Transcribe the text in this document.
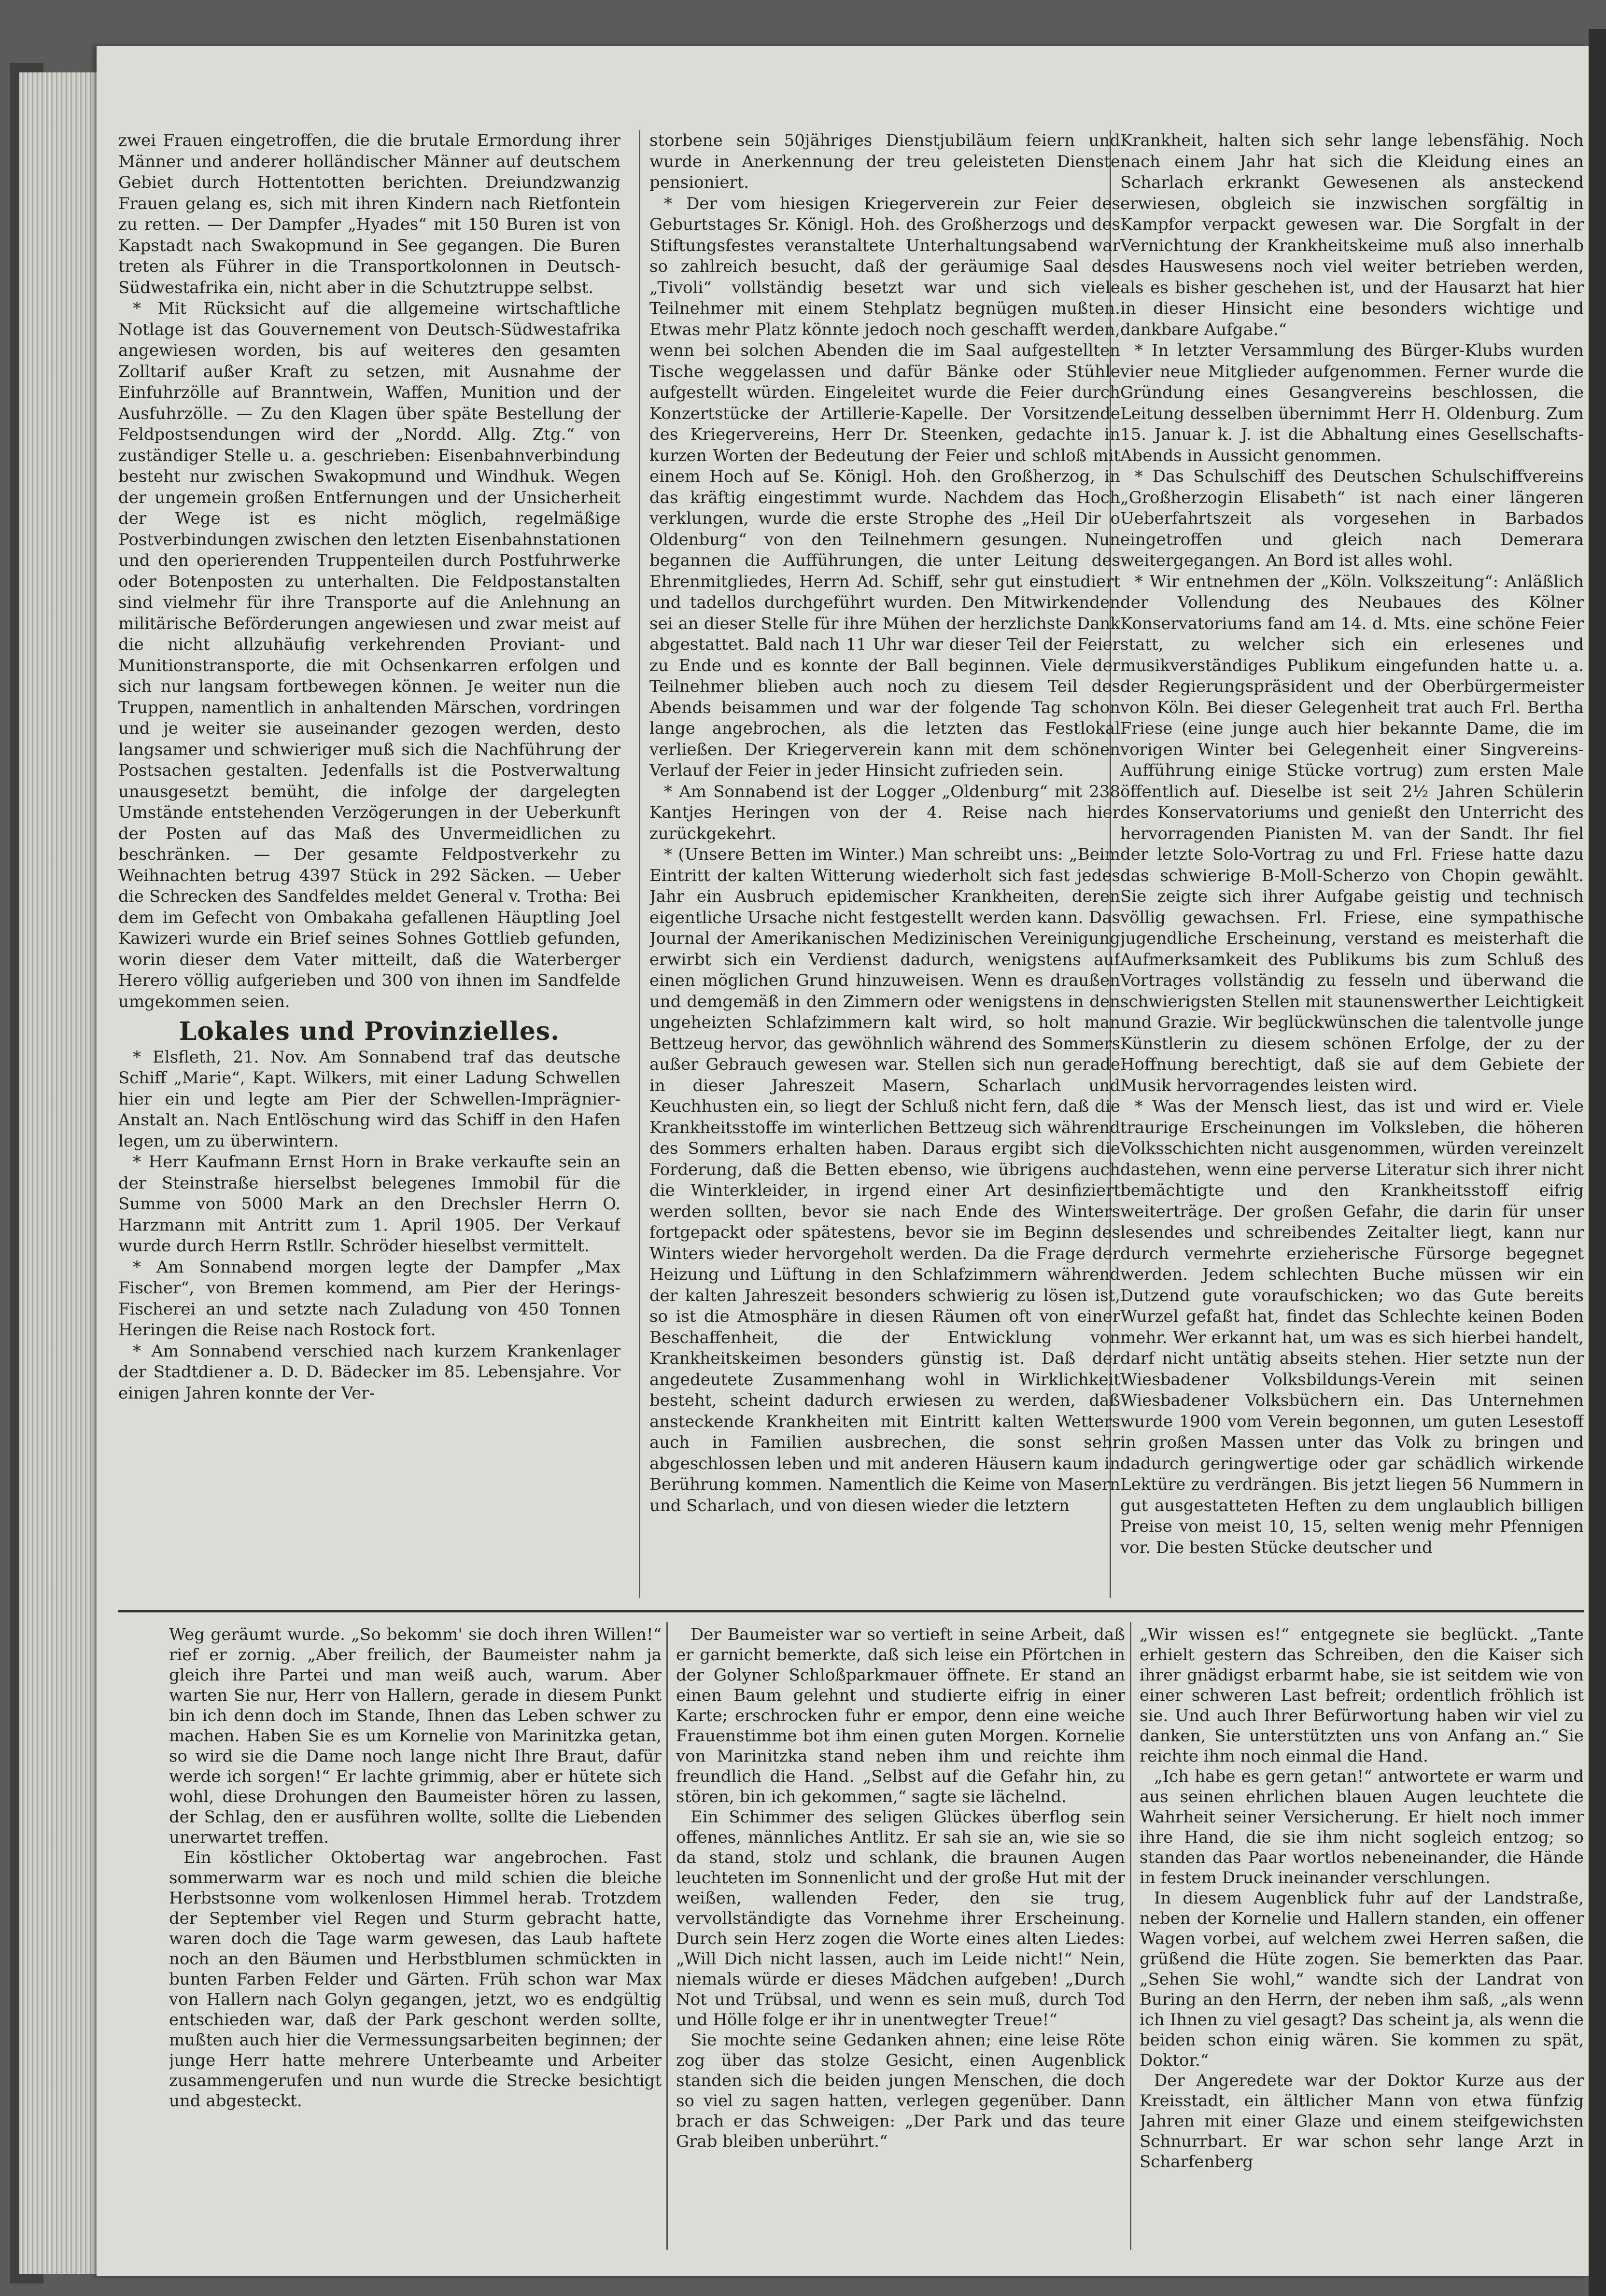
zwei Frauen eingetroffen, die die brutale Ermordung ihrer Männer und anderer holländischer Männer auf deutschem Gebiet durch Hottentotten berichten. Dreiundzwanzig Frauen gelang es, sich mit ihren Kindern nach Rietfontein zu retten. — Der Dampfer „Hyades“ mit 150 Buren ist von Kapstadt nach Swakopmund in See gegangen. Die Buren treten als Führer in die Transportkolonnen in Deutsch-Südwestafrika ein, nicht aber in die Schutztruppe selbst.

* Mit Rücksicht auf die allgemeine wirtschaftliche Notlage ist das Gouvernement von Deutsch-Südwestafrika angewiesen worden, bis auf weiteres den gesamten Zolltarif außer Kraft zu setzen, mit Ausnahme der Einfuhrzölle auf Branntwein, Waffen, Munition und der Ausfuhrzölle. — Zu den Klagen über späte Bestellung der Feldpostsendungen wird der „Nordd. Allg. Ztg.“ von zuständiger Stelle u. a. geschrieben: Eisenbahnverbindung besteht nur zwischen Swakopmund und Windhuk. Wegen der ungemein großen Entfernungen und der Unsicherheit der Wege ist es nicht möglich, regelmäßige Postverbindungen zwischen den letzten Eisenbahnstationen und den operierenden Truppenteilen durch Postfuhrwerke oder Botenposten zu unterhalten. Die Feldpostanstalten sind vielmehr für ihre Transporte auf die Anlehnung an militärische Beförderungen angewiesen und zwar meist auf die nicht allzuhäufig verkehrenden Proviant- und Munitionstransporte, die mit Ochsenkarren erfolgen und sich nur langsam fortbewegen können. Je weiter nun die Truppen, namentlich in anhaltenden Märschen, vordringen und je weiter sie auseinander gezogen werden, desto langsamer und schwieriger muß sich die Nachführung der Postsachen gestalten. Jedenfalls ist die Postverwaltung unausgesetzt bemüht, die infolge der dargelegten Umstände entstehenden Verzögerungen in der Ueberkunft der Posten auf das Maß des Unvermeidlichen zu beschränken. — Der gesamte Feldpostverkehr zu Weihnachten betrug 4397 Stück in 292 Säcken. — Ueber die Schrecken des Sandfeldes meldet General v. Trotha: Bei dem im Gefecht von Ombakaha gefallenen Häuptling Joel Kawizeri wurde ein Brief seines Sohnes Gottlieb gefunden, worin dieser dem Vater mitteilt, daß die Waterberger Herero völlig aufgerieben und 300 von ihnen im Sandfelde umgekommen seien.

Lokales und Provinzielles.

* Elsfleth, 21. Nov. Am Sonnabend traf das deutsche Schiff „Marie“, Kapt. Wilkers, mit einer Ladung Schwellen hier ein und legte am Pier der Schwellen-Imprägnier-Anstalt an. Nach Entlöschung wird das Schiff in den Hafen legen, um zu überwintern.

* Herr Kaufmann Ernst Horn in Brake verkaufte sein an der Steinstraße hierselbst belegenes Immobil für die Summe von 5000 Mark an den Drechsler Herrn O. Harzmann mit Antritt zum 1. April 1905. Der Verkauf wurde durch Herrn Rstllr. Schröder hieselbst vermittelt.

* Am Sonnabend morgen legte der Dampfer „Max Fischer“, von Bremen kommend, am Pier der Herings-Fischerei an und setzte nach Zuladung von 450 Tonnen Heringen die Reise nach Rostock fort.

* Am Sonnabend verschied nach kurzem Krankenlager der Stadtdiener a. D. D. Bädecker im 85. Lebensjahre. Vor einigen Jahren konnte der Ver-

storbene sein 50jähriges Dienstjubiläum feiern und wurde in Anerkennung der treu geleisteten Dienste pensioniert.

* Der vom hiesigen Kriegerverein zur Feier des Geburtstages Sr. Königl. Hoh. des Großherzogs und des Stiftungsfestes veranstaltete Unterhaltungsabend war so zahlreich besucht, daß der geräumige Saal des „Tivoli“ vollständig besetzt war und sich viele Teilnehmer mit einem Stehplatz begnügen mußten. Etwas mehr Platz könnte jedoch noch geschafft werden, wenn bei solchen Abenden die im Saal aufgestellten Tische weggelassen und dafür Bänke oder Stühle aufgestellt würden. Eingeleitet wurde die Feier durch Konzertstücke der Artillerie-Kapelle. Der Vorsitzende des Kriegervereins, Herr Dr. Steenken, gedachte in kurzen Worten der Bedeutung der Feier und schloß mit einem Hoch auf Se. Königl. Hoh. den Großherzog, in das kräftig eingestimmt wurde. Nachdem das Hoch verklungen, wurde die erste Strophe des „Heil Dir o Oldenburg“ von den Teilnehmern gesungen. Nun begannen die Aufführungen, die unter Leitung des Ehrenmitgliedes, Herrn Ad. Schiff, sehr gut einstudiert und tadellos durchgeführt wurden. Den Mitwirkenden sei an dieser Stelle für ihre Mühen der herzlichste Dank abgestattet. Bald nach 11 Uhr war dieser Teil der Feier zu Ende und es konnte der Ball beginnen. Viele der Teilnehmer blieben auch noch zu diesem Teil des Abends beisammen und war der folgende Tag schon lange angebrochen, als die letzten das Festlokal verließen. Der Kriegerverein kann mit dem schönen Verlauf der Feier in jeder Hinsicht zufrieden sein.

* Am Sonnabend ist der Logger „Oldenburg“ mit 238 Kantjes Heringen von der 4. Reise nach hier zurückgekehrt.

* (Unsere Betten im Winter.) Man schreibt uns: „Beim Eintritt der kalten Witterung wiederholt sich fast jedes Jahr ein Ausbruch epidemischer Krankheiten, deren eigentliche Ursache nicht festgestellt werden kann. Das Journal der Amerikanischen Medizinischen Vereinigung erwirbt sich ein Verdienst dadurch, wenigstens auf einen möglichen Grund hinzuweisen. Wenn es draußen und demgemäß in den Zimmern oder wenigstens in den ungeheizten Schlafzimmern kalt wird, so holt man Bettzeug hervor, das gewöhnlich während des Sommers außer Gebrauch gewesen war. Stellen sich nun gerade in dieser Jahreszeit Masern, Scharlach und Keuchhusten ein, so liegt der Schluß nicht fern, daß die Krankheitsstoffe im winterlichen Bettzeug sich während des Sommers erhalten haben. Daraus ergibt sich die Forderung, daß die Betten ebenso, wie übrigens auch die Winterkleider, in irgend einer Art desinfiziert werden sollten, bevor sie nach Ende des Winters fortgepackt oder spätestens, bevor sie im Beginn des Winters wieder hervorgeholt werden. Da die Frage der Heizung und Lüftung in den Schlafzimmern während der kalten Jahreszeit besonders schwierig zu lösen ist, so ist die Atmosphäre in diesen Räumen oft von einer Beschaffenheit, die der Entwicklung von Krankheitskeimen besonders günstig ist. Daß der angedeutete Zusammenhang wohl in Wirklichkeit besteht, scheint dadurch erwiesen zu werden, daß ansteckende Krankheiten mit Eintritt kalten Wetters auch in Familien ausbrechen, die sonst sehr abgeschlossen leben und mit anderen Häusern kaum in Berührung kommen. Namentlich die Keime von Masern und Scharlach, und von diesen wieder die letztern

Krankheit, halten sich sehr lange lebensfähig. Noch nach einem Jahr hat sich die Kleidung eines an Scharlach erkrankt Gewesenen als ansteckend erwiesen, obgleich sie inzwischen sorgfältig in Kampfor verpackt gewesen war. Die Sorgfalt in der Vernichtung der Krankheitskeime muß also innerhalb des Hauswesens noch viel weiter betrieben werden, als es bisher geschehen ist, und der Hausarzt hat hier in dieser Hinsicht eine besonders wichtige und dankbare Aufgabe.“

* In letzter Versammlung des Bürger-Klubs wurden vier neue Mitglieder aufgenommen. Ferner wurde die Gründung eines Gesangvereins beschlossen, die Leitung desselben übernimmt Herr H. Oldenburg. Zum 15. Januar k. J. ist die Abhaltung eines Gesellschafts-Abends in Aussicht genommen.

* Das Schulschiff des Deutschen Schulschiffvereins „Großherzogin Elisabeth“ ist nach einer längeren Ueberfahrtszeit als vorgesehen in Barbados eingetroffen und gleich nach Demerara weitergegangen. An Bord ist alles wohl.

* Wir entnehmen der „Köln. Volkszeitung“: Anläßlich der Vollendung des Neubaues des Kölner Konservatoriums fand am 14. d. Mts. eine schöne Feier statt, zu welcher sich ein erlesenes und musikverständiges Publikum eingefunden hatte u. a. der Regierungspräsident und der Oberbürgermeister von Köln. Bei dieser Gelegenheit trat auch Frl. Bertha Friese (eine junge auch hier bekannte Dame, die im vorigen Winter bei Gelegenheit einer Singvereins-Aufführung einige Stücke vortrug) zum ersten Male öffentlich auf. Dieselbe ist seit 2½ Jahren Schülerin des Konservatoriums und genießt den Unterricht des hervorragenden Pianisten M. van der Sandt. Ihr fiel der letzte Solo-Vortrag zu und Frl. Friese hatte dazu das schwierige B-Moll-Scherzo von Chopin gewählt. Sie zeigte sich ihrer Aufgabe geistig und technisch völlig gewachsen. Frl. Friese, eine sympathische jugendliche Erscheinung, verstand es meisterhaft die Aufmerksamkeit des Publikums bis zum Schluß des Vortrages vollständig zu fesseln und überwand die schwierigsten Stellen mit staunenswerther Leichtigkeit und Grazie. Wir beglückwünschen die talentvolle junge Künstlerin zu diesem schönen Erfolge, der zu der Hoffnung berechtigt, daß sie auf dem Gebiete der Musik hervorragendes leisten wird.

* Was der Mensch liest, das ist und wird er. Viele traurige Erscheinungen im Volksleben, die höheren Volksschichten nicht ausgenommen, würden vereinzelt dastehen, wenn eine perverse Literatur sich ihrer nicht bemächtigte und den Krankheitsstoff eifrig weiterträge. Der großen Gefahr, die darin für unser lesendes und schreibendes Zeitalter liegt, kann nur durch vermehrte erzieherische Fürsorge begegnet werden. Jedem schlechten Buche müssen wir ein Dutzend gute voraufschicken; wo das Gute bereits Wurzel gefaßt hat, findet das Schlechte keinen Boden mehr. Wer erkannt hat, um was es sich hierbei handelt, darf nicht untätig abseits stehen. Hier setzte nun der Wiesbadener Volksbildungs-Verein mit seinen Wiesbadener Volksbüchern ein. Das Unternehmen wurde 1900 vom Verein begonnen, um guten Lesestoff in großen Massen unter das Volk zu bringen und dadurch geringwertige oder gar schädlich wirkende Lektüre zu verdrängen. Bis jetzt liegen 56 Nummern in gut ausgestatteten Heften zu dem unglaublich billigen Preise von meist 10, 15, selten wenig mehr Pfennigen vor. Die besten Stücke deutscher und

Weg geräumt wurde. „So bekomm' sie doch ihren Willen!“ rief er zornig. „Aber freilich, der Baumeister nahm ja gleich ihre Partei und man weiß auch, warum. Aber warten Sie nur, Herr von Hallern, gerade in diesem Punkt bin ich denn doch im Stande, Ihnen das Leben schwer zu machen. Haben Sie es um Kornelie von Marinitzka getan, so wird sie die Dame noch lange nicht Ihre Braut, dafür werde ich sorgen!“ Er lachte grimmig, aber er hütete sich wohl, diese Drohungen den Baumeister hören zu lassen, der Schlag, den er ausführen wollte, sollte die Liebenden unerwartet treffen.

Ein köstlicher Oktobertag war angebrochen. Fast sommerwarm war es noch und mild schien die bleiche Herbstsonne vom wolkenlosen Himmel herab. Trotzdem der September viel Regen und Sturm gebracht hatte, waren doch die Tage warm gewesen, das Laub haftete noch an den Bäumen und Herbstblumen schmückten in bunten Farben Felder und Gärten. Früh schon war Max von Hallern nach Golyn gegangen, jetzt, wo es endgültig entschieden war, daß der Park geschont werden sollte, mußten auch hier die Vermessungsarbeiten beginnen; der junge Herr hatte mehrere Unterbeamte und Arbeiter zusammengerufen und nun wurde die Strecke besichtigt und abgesteckt.

Der Baumeister war so vertieft in seine Arbeit, daß er garnicht bemerkte, daß sich leise ein Pförtchen in der Golyner Schloßparkmauer öffnete. Er stand an einen Baum gelehnt und studierte eifrig in einer Karte; erschrocken fuhr er empor, denn eine weiche Frauenstimme bot ihm einen guten Morgen. Kornelie von Marinitzka stand neben ihm und reichte ihm freundlich die Hand. „Selbst auf die Gefahr hin, zu stören, bin ich gekommen,“ sagte sie lächelnd.

Ein Schimmer des seligen Glückes überflog sein offenes, männliches Antlitz. Er sah sie an, wie sie so da stand, stolz und schlank, die braunen Augen leuchteten im Sonnenlicht und der große Hut mit der weißen, wallenden Feder, den sie trug, vervollständigte das Vornehme ihrer Erscheinung. Durch sein Herz zogen die Worte eines alten Liedes: „Will Dich nicht lassen, auch im Leide nicht!“ Nein, niemals würde er dieses Mädchen aufgeben! „Durch Not und Trübsal, und wenn es sein muß, durch Tod und Hölle folge er ihr in unentwegter Treue!“

Sie mochte seine Gedanken ahnen; eine leise Röte zog über das stolze Gesicht, einen Augenblick standen sich die beiden jungen Menschen, die doch so viel zu sagen hatten, verlegen gegenüber. Dann brach er das Schweigen: „Der Park und das teure Grab bleiben unberührt.“

„Wir wissen es!“ entgegnete sie beglückt. „Tante erhielt gestern das Schreiben, den die Kaiser sich ihrer gnädigst erbarmt habe, sie ist seitdem wie von einer schweren Last befreit; ordentlich fröhlich ist sie. Und auch Ihrer Befürwortung haben wir viel zu danken, Sie unterstützten uns von Anfang an.“ Sie reichte ihm noch einmal die Hand.

„Ich habe es gern getan!“ antwortete er warm und aus seinen ehrlichen blauen Augen leuchtete die Wahrheit seiner Versicherung. Er hielt noch immer ihre Hand, die sie ihm nicht sogleich entzog; so standen das Paar wortlos nebeneinander, die Hände in festem Druck ineinander verschlungen.

In diesem Augenblick fuhr auf der Landstraße, neben der Kornelie und Hallern standen, ein offener Wagen vorbei, auf welchem zwei Herren saßen, die grüßend die Hüte zogen. Sie bemerkten das Paar. „Sehen Sie wohl,“ wandte sich der Landrat von Buring an den Herrn, der neben ihm saß, „als wenn ich Ihnen zu viel gesagt? Das scheint ja, als wenn die beiden schon einig wären. Sie kommen zu spät, Doktor.“

Der Angeredete war der Doktor Kurze aus der Kreisstadt, ein ältlicher Mann von etwa fünfzig Jahren mit einer Glaze und einem steifgewichsten Schnurrbart. Er war schon sehr lange Arzt in Scharfenberg
